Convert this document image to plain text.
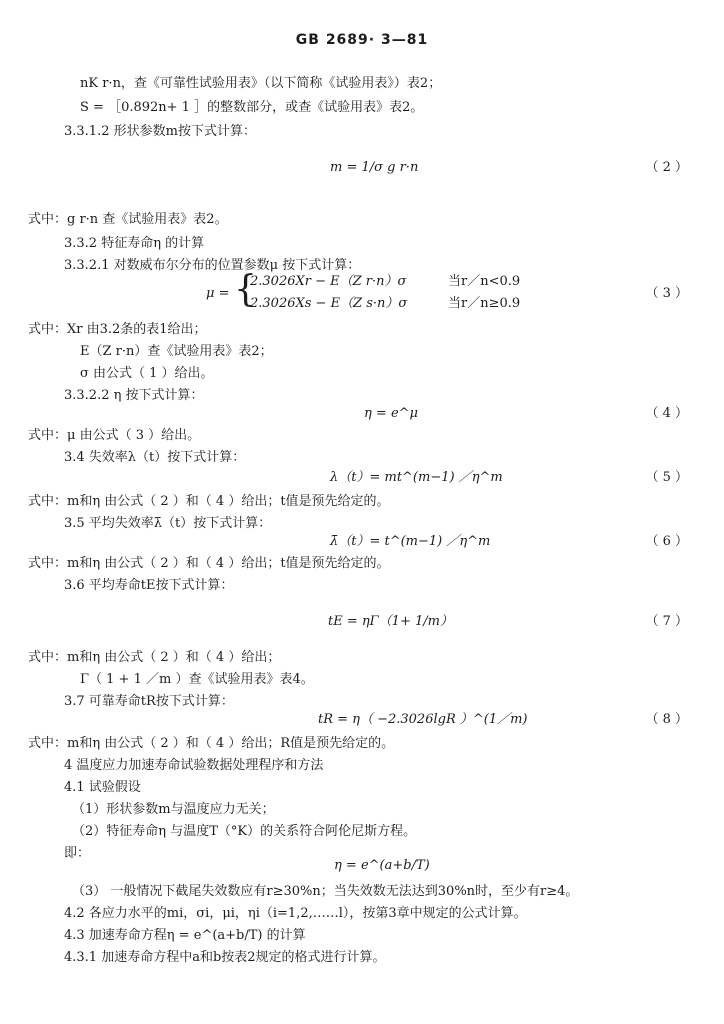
GB 2689· 3—81
nK r·n，查《可靠性试验用表》（以下简称《试验用表》）表2；
S = ［0.892n+ 1 ］的整数部分，或查《试验用表》表2。
3.3.1.2 形状参数m按下式计算：
m = 1/σ g r·n	（ 2 ）
式中：g r·n 查《试验用表》表2。
3.3.2 特征寿命η 的计算
3.3.2.1 对数威布尔分布的位置参数μ 按下式计算：
μ = {
2.3026Xr − E（Z r·n）σ	当r／n<0.9
2.3026Xs − E（Z s·n）σ	当r／n≥0.9
（ 3 ）
式中：Xr 由3.2条的表1给出；
E（Z r·n）查《试验用表》表2；
σ 由公式（ 1 ）给出。
3.3.2.2 η 按下式计算：
η = e^μ	（ 4 ）
式中：μ 由公式（ 3 ）给出。
3.4 失效率λ（t）按下式计算：
λ（t）= mt^(m−1) ／η^m	（ 5 ）
式中：m和η 由公式（ 2 ）和（ 4 ）给出；t值是预先给定的。
3.5 平均失效率λ̄（t）按下式计算：
λ̄（t）= t^(m−1) ／η^m	（ 6 ）
式中：m和η 由公式（ 2 ）和（ 4 ）给出；t值是预先给定的。
3.6 平均寿命tE按下式计算：
tE = ηΓ（1+ 1/m）	（ 7 ）
式中：m和η 由公式（ 2 ）和（ 4 ）给出；
Γ（ 1 + 1 ／m ）查《试验用表》表4。
3.7 可靠寿命tR按下式计算：
tR = η（ −2.3026lgR ）^(1／m)	（ 8 ）
式中：m和η 由公式（ 2 ）和（ 4 ）给出；R值是预先给定的。
4 温度应力加速寿命试验数据处理程序和方法
4.1 试验假设
（1）形状参数m与温度应力无关；
（2）特征寿命η 与温度T（°K）的关系符合阿伦尼斯方程。
即：
η = e^(a+b/T)
（3） 一般情况下截尾失效数应有r≥30%n；当失效数无法达到30%n时，至少有r≥4。
4.2 各应力水平的mi，σi，μi，ηi（i=1,2,……l），按第3章中规定的公式计算。
4.3 加速寿命方程η = e^(a+b/T) 的计算
4.3.1 加速寿命方程中a和b按表2规定的格式进行计算。
